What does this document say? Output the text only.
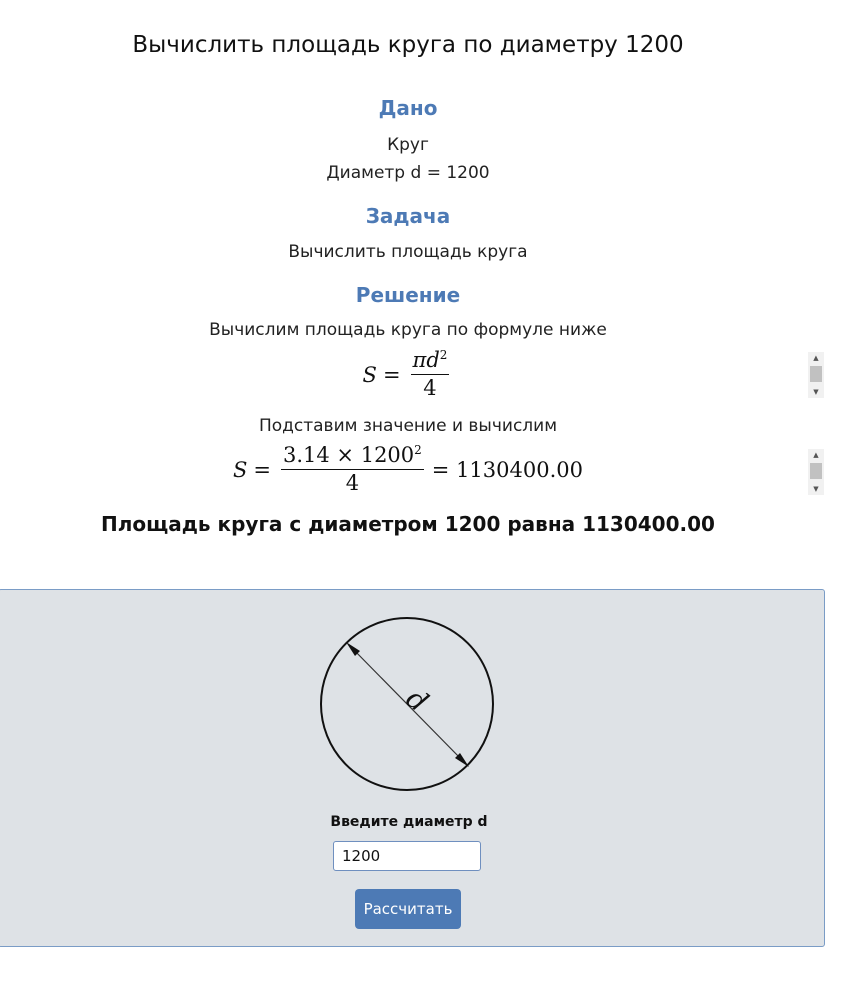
Вычислить площадь круга по диаметру 1200
Дано
Круг
Диаметр d = 1200
Задача
Вычислить площадь круга
Решение
Вычислим площадь круга по формуле ниже
$S = \frac{\pi d^2}{4}$	▲
▼
Подставим значение и вычислим
$S = \frac{3.14 \times 1200^2}{4} = 1130400.00$
▲
▼
Площадь круга с диаметром 1200 равна 1130400.00
d
Введите диаметр d
1200
Рассчитать
